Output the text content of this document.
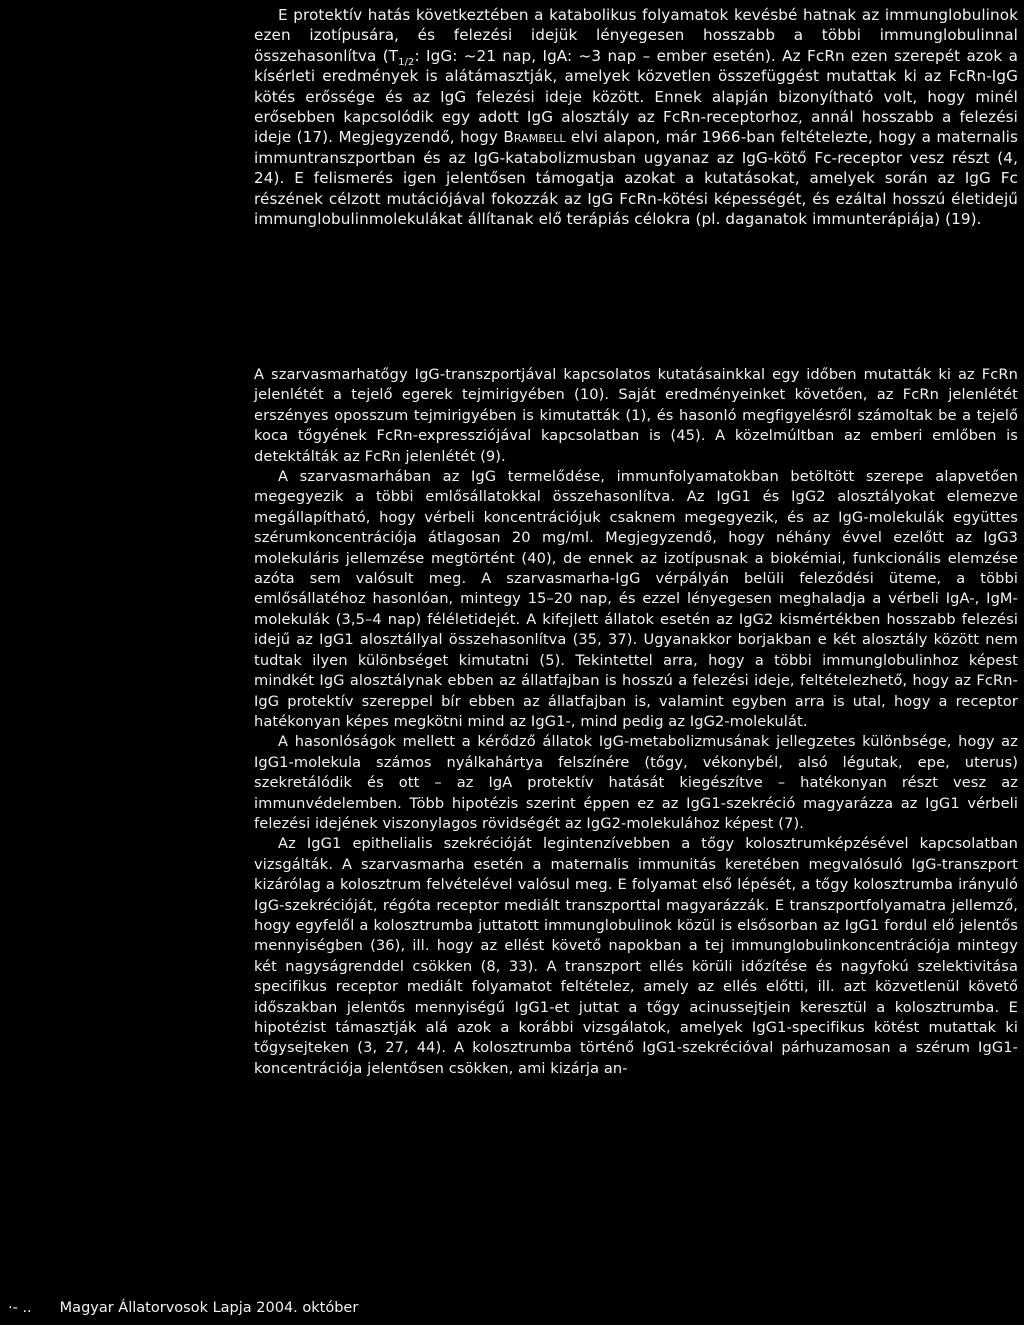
E protektív hatás következtében a katabolikus folyamatok kevésbé hatnak az immunglobulinok ezen izotípusára, és felezési idejük lényegesen hosszabb a többi immunglobulinnal összehasonlítva ($T_{1/2}$: IgG: ~21 nap, IgA: ~3 nap – ember esetén). Az FcRn ezen szerepét azok a kísérleti eredmények is alátámasztják, amelyek közvetlen összefüggést mutattak ki az FcRn-IgG kötés erőssége és az IgG felezési ideje között. Ennek alapján bizonyítható volt, hogy minél erősebben kapcsolódik egy adott IgG alosztály az FcRn-receptorhoz, annál hosszabb a felezési ideje (17). Megjegyzendő, hogy Brambell elvi alapon, már 1966-ban feltételezte, hogy a maternalis immuntranszportban és az IgG-katabolizmusban ugyanaz az IgG-kötő Fc-receptor vesz részt (4, 24). E felismerés igen jelentősen támogatja azokat a kutatásokat, amelyek során az IgG Fc részének célzott mutációjával fokozzák az IgG FcRn-kötési képességét, és ezáltal hosszú életidejű immunglobulinmolekulákat állítanak elő terápiás célokra (pl. daganatok immunterápiája) (19).

A szarvasmarhatőgy IgG-transzportjával kapcsolatos kutatásainkkal egy időben mutatták ki az FcRn jelenlétét a tejelő egerek tejmirigyében (10). Saját eredményeinket követően, az FcRn jelenlétét erszényes oposszum tejmirigyében is kimutatták (1), és hasonló megfigyelésről számoltak be a tejelő koca tőgyének FcRn-expressziójával kapcsolatban is (45). A közelmúltban az emberi emlőben is detektálták az FcRn jelenlétét (9).

A szarvasmarhában az IgG termelődése, immunfolyamatokban betöltött szerepe alapvetően megegyezik a többi emlősállatokkal összehasonlítva. Az IgG1 és IgG2 alosztályokat elemezve megállapítható, hogy vérbeli koncentrációjuk csaknem megegyezik, és az IgG-molekulák együttes szérumkoncentrációja átlagosan 20 mg/ml. Megjegyzendő, hogy néhány évvel ezelőtt az IgG3 molekuláris jellemzése megtörtént (40), de ennek az izotípusnak a biokémiai, funkcionális elemzése azóta sem valósult meg. A szarvasmarha-IgG vérpályán belüli feleződési üteme, a többi emlősállatéhoz hasonlóan, mintegy 15–20 nap, és ezzel lényegesen meghaladja a vérbeli IgA-, IgM-molekulák (3,5–4 nap) féléletidejét. A kifejlett állatok esetén az IgG2 kismértékben hosszabb felezési idejű az IgG1 alosztállyal összehasonlítva (35, 37). Ugyanakkor borjakban e két alosztály között nem tudtak ilyen különbséget kimutatni (5). Tekintettel arra, hogy a többi immunglobulinhoz képest mindkét IgG alosztálynak ebben az állatfajban is hosszú a felezési ideje, feltételezhető, hogy az FcRn-IgG protektív szereppel bír ebben az állatfajban is, valamint egyben arra is utal, hogy a receptor hatékonyan képes megkötni mind az IgG1-, mind pedig az IgG2-molekulát.

A hasonlóságok mellett a kérődző állatok IgG-metabolizmusának jellegzetes különbsége, hogy az IgG1-molekula számos nyálkahártya felszínére (tőgy, vékonybél, alsó légutak, epe, uterus) szekretálódik és ott – az IgA protektív hatását kiegészítve – hatékonyan részt vesz az immunvédelemben. Több hipotézis szerint éppen ez az IgG1-szekréció magyarázza az IgG1 vérbeli felezési idejének viszonylagos rövidségét az IgG2-molekulához képest (7).

Az IgG1 epithelialis szekrécióját legintenzívebben a tőgy kolosztrumképzésével kapcsolatban vizsgálták. A szarvasmarha esetén a maternalis immunitás keretében megvalósuló IgG-transzport kizárólag a kolosztrum felvételével valósul meg. E folyamat első lépését, a tőgy kolosztrumba irányuló IgG-szekrécióját, régóta receptor mediált transzporttal magyarázzák. E transzportfolyamatra jellemző, hogy egyfelől a kolosztrumba juttatott immunglobulinok közül is elsősorban az IgG1 fordul elő jelentős mennyiségben (36), ill. hogy az ellést követő napokban a tej immunglobulinkoncentrációja mintegy két nagyságrenddel csökken (8, 33). A transzport ellés körüli időzítése és nagyfokú szelektivitása specifikus receptor mediált folyamatot feltételez, amely az ellés előtti, ill. azt közvetlenül követő időszakban jelentős mennyiségű IgG1-et juttat a tőgy acinussejtjein keresztül a kolosztrumba. E hipotézist támasztják alá azok a korábbi vizsgálatok, amelyek IgG1-specifikus kötést mutattak ki tőgysejteken (3, 27, 44). A kolosztrumba történő IgG1-szekrécióval párhuzamosan a szérum IgG1-koncentrációja jelentősen csökken, ami kizárja an-

·- .. Magyar Állatorvosok Lapja 2004. október
